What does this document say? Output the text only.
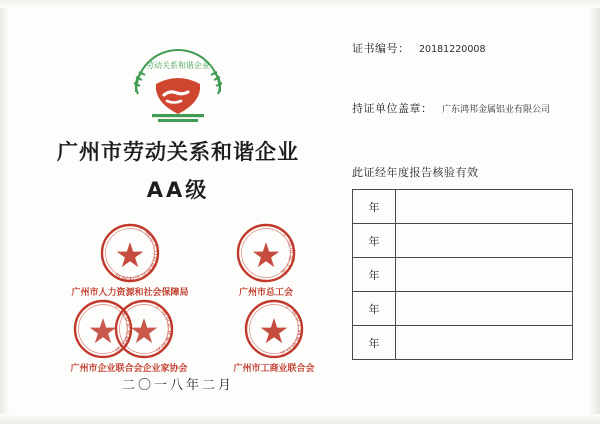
劳动关系和谐企业
广州市劳动关系和谐企业
AA级
广州市人力资源和社会保障局
广州市人力资源和社会保障局
广州市总工会
广州市总工会
广州市企业联合会
广州市企业家协会
广州市企业联合会企业家协会
广州市工商业联合会
广州市工商业联合会
二〇一八年二月
证书编号： 20181220008
持证单位盖章： 广东鸿邦金属铝业有限公司
此证经年度报告核验有效
年	
年	
年	
年	
年	
